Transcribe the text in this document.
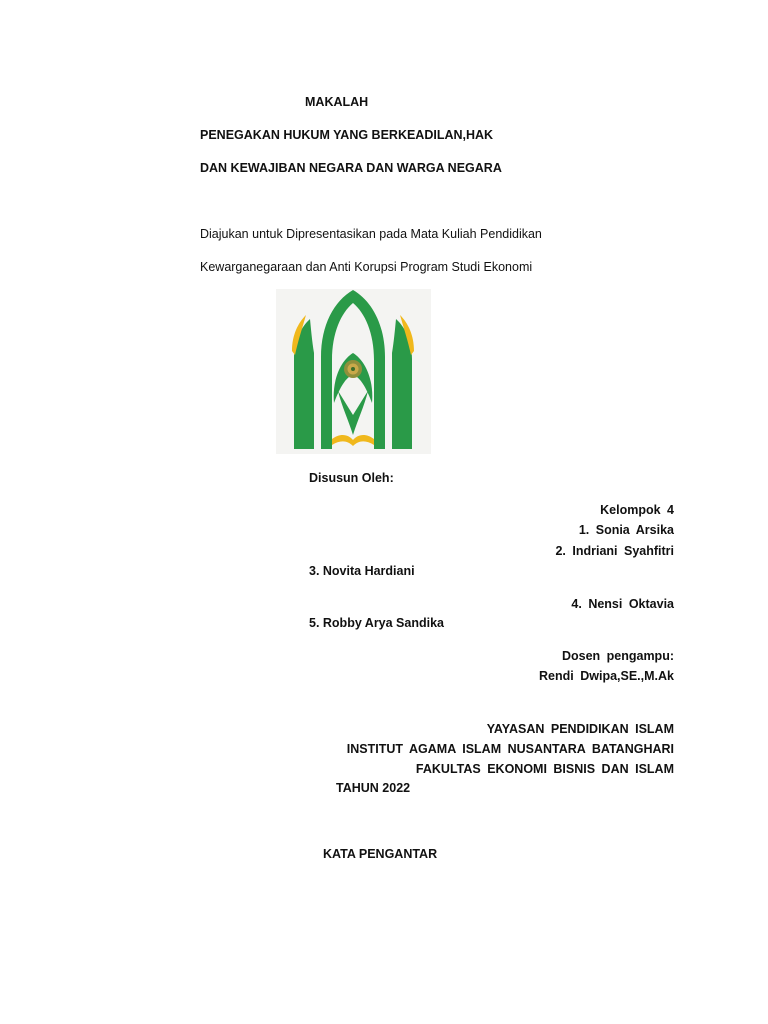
MAKALAH
PENEGAKAN HUKUM YANG BERKEADILAN,HAK
DAN KEWAJIBAN NEGARA DAN WARGA NEGARA
Diajukan untuk Dipresentasikan pada Mata Kuliah Pendidikan
Kewarganegaraan dan Anti Korupsi Program Studi Ekonomi
Disusun Oleh:
Kelompok 4
1. Sonia Arsika
2. Indriani Syahfitri
3. Novita Hardiani
4. Nensi Oktavia
5. Robby Arya Sandika
Dosen pengampu:
Rendi Dwipa,SE.,M.Ak
YAYASAN PENDIDIKAN ISLAM
INSTITUT AGAMA ISLAM NUSANTARA BATANGHARI
FAKULTAS EKONOMI BISNIS DAN ISLAM
TAHUN 2022
KATA PENGANTAR
